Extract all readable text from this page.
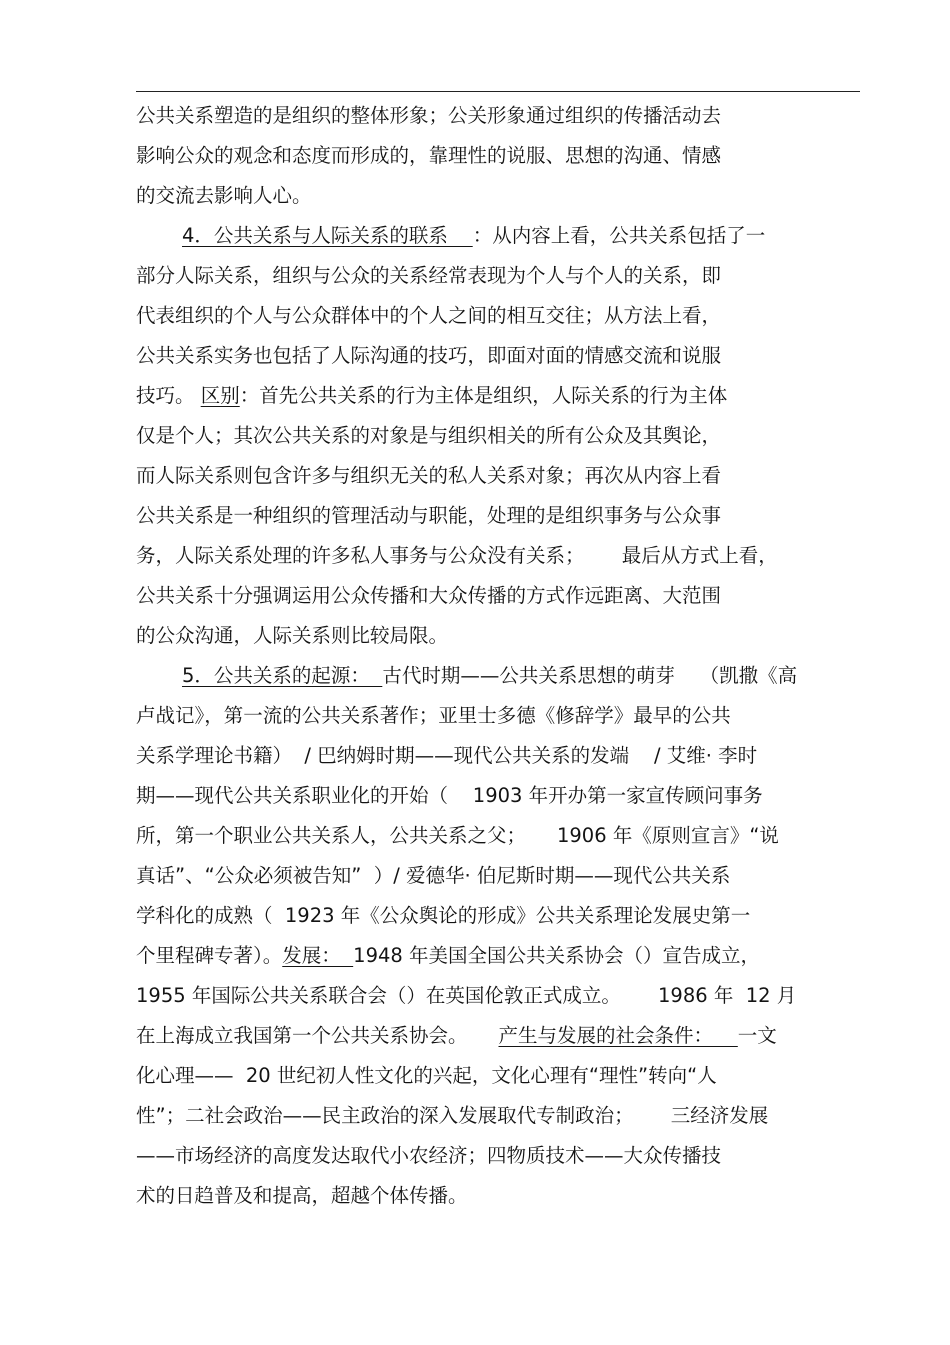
公共关系塑造的是组织的整体形象；公关形象通过组织的传播活动去
影响公众的观念和态度而形成的，靠理性的说服、思想的沟通、情感
的交流去影响人心。
4．公共关系与人际关系的联系    ：从内容上看，公共关系包括了一
部分人际关系，组织与公众的关系经常表现为个人与个人的关系，即
代表组织的个人与公众群体中的个人之间的相互交往；从方法上看，
公共关系实务也包括了人际沟通的技巧，即面对面的情感交流和说服
技巧。 区别：首先公共关系的行为主体是组织，人际关系的行为主体
仅是个人；其次公共关系的对象是与组织相关的所有公众及其舆论，
而人际关系则包含许多与组织无关的私人关系对象；再次从内容上看
公共关系是一种组织的管理活动与职能，处理的是组织事务与公众事
务，人际关系处理的许多私人事务与公众没有关系；      最后从方式上看，
公共关系十分强调运用公众传播和大众传播的方式作远距离、大范围
的公众沟通，人际关系则比较局限。
5．公共关系的起源：  古代时期——公共关系思想的萌芽    （凯撒《高
卢战记》，第一流的公共关系著作；亚里士多德《修辞学》最早的公共
关系学理论书籍）  / 巴纳姆时期——现代公共关系的发端    / 艾维· 李时
期——现代公共关系职业化的开始（    1903 年开办第一家宣传顾问事务
所，第一个职业公共关系人，公共关系之父；     1906 年《原则宣言》“说
真话”、“公众必须被告知”  ）/ 爱德华· 伯尼斯时期——现代公共关系
学科化的成熟（  1923 年《公众舆论的形成》公共关系理论发展史第一
个里程碑专著）。发展：  1948 年美国全国公共关系协会（）宣告成立，
1955 年国际公共关系联合会（）在英国伦敦正式成立。      1986 年  12 月
在上海成立我国第一个公共关系协会。     产生与发展的社会条件：    一文
化心理——  20 世纪初人性文化的兴起，文化心理有“理性”转向“人
性”；二社会政治——民主政治的深入发展取代专制政治；      三经济发展
——市场经济的高度发达取代小农经济；四物质技术——大众传播技
术的日趋普及和提高，超越个体传播。
